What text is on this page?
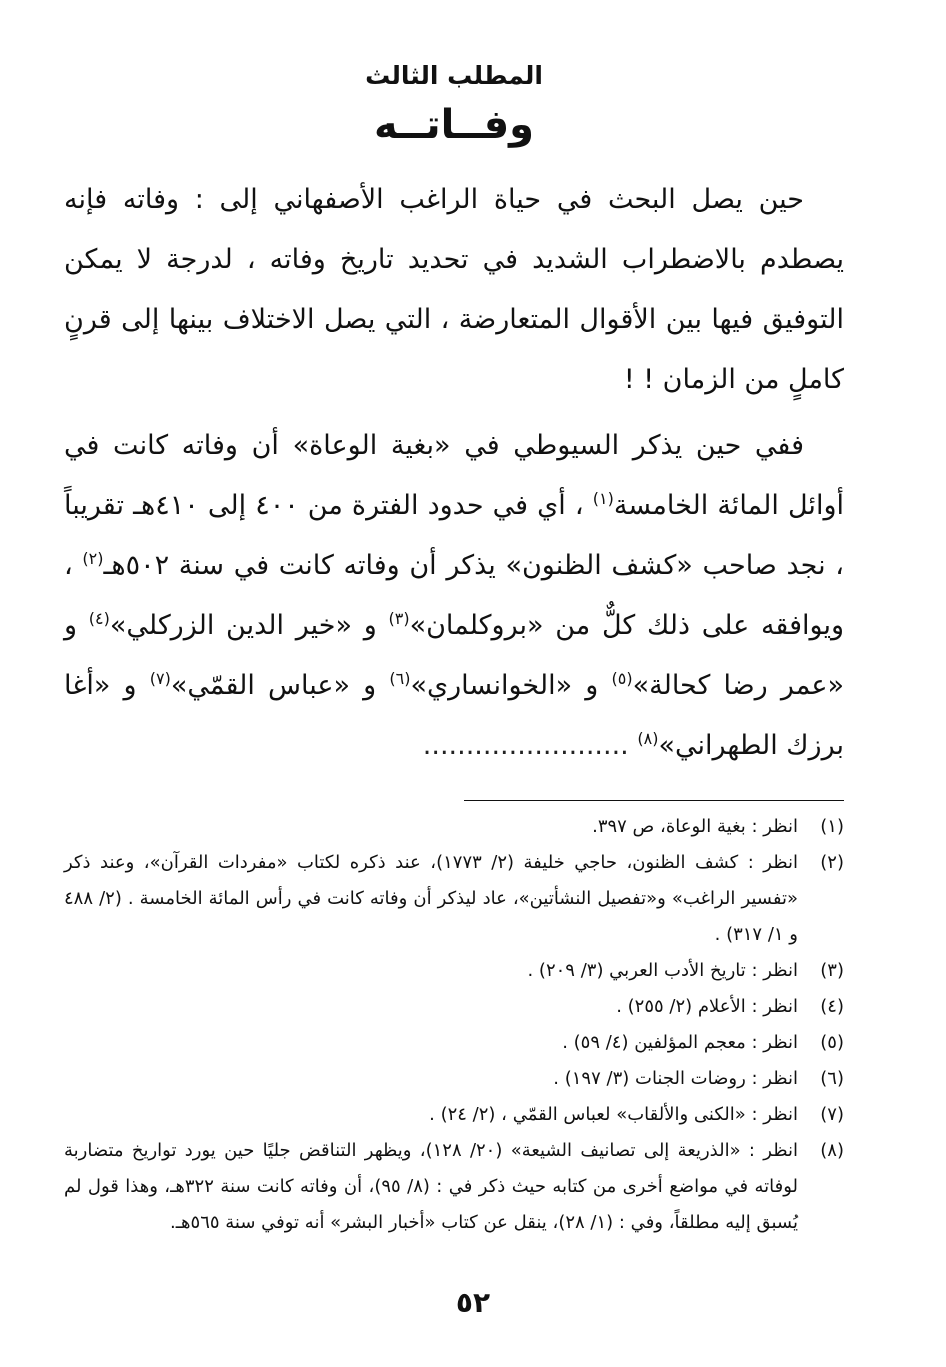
المطلب الثالث
وفــاتــه

حين يصل البحث في حياة الراغب الأصفهاني إلى : وفاته فإنه يصطدم بالاضطراب الشديد في تحديد تاريخ وفاته ، لدرجة لا يمكن التوفيق فيها بين الأقوال المتعارضة ، التي يصل الاختلاف بينها إلى قرنٍ كاملٍ من الزمان ! !

ففي حين يذكر السيوطي في «بغية الوعاة» أن وفاته كانت في أوائل المائة الخامسة$^{(١)}$ ، أي في حدود الفترة من ٤٠٠ إلى ٤١٠هـ تقريباً ، نجد صاحب «كشف الظنون» يذكر أن وفاته كانت في سنة ٥٠٢هـ$^{(٢)}$ ، ويوافقه على ذلك كلٌّ من «بروكلمان»$^{(٣)}$ و «خير الدين الزركلي»$^{(٤)}$ و «عمر رضا كحالة»$^{(٥)}$ و «الخوانساري»$^{(٦)}$ و «عباس القمّي»$^{(٧)}$ و «أغا برزك الطهراني»$^{(٨)}$ ........................

(١)
انظر : بغية الوعاة، ص ٣٩٧.
(٢)
انظر : كشف الظنون، حاجي خليفة (٢/ ١٧٧٣)، عند ذكره لكتاب «مفردات القرآن»، وعند ذكر «تفسير الراغب» و«تفصيل النشأتين»، عاد ليذكر أن وفاته كانت في رأس المائة الخامسة . (٢/ ٤٨٨ و ١/ ٣١٧) .
(٣)
انظر : تاريخ الأدب العربي (٣/ ٢٠٩) .
(٤)
انظر : الأعلام (٢/ ٢٥٥) .
(٥)
انظر : معجم المؤلفين (٤/ ٥٩) .
(٦)
انظر : روضات الجنات (٣/ ١٩٧) .
(٧)
انظر : «الكنى والألقاب» لعباس القمّي ، (٢/ ٢٤) .
(٨)
انظر : «الذريعة إلى تصانيف الشيعة» (٢٠/ ١٢٨)، ويظهر التناقض جليًا حين يورد تواريخ متضاربة لوفاته في مواضع أخرى من كتابه حيث ذكر في : (٨/ ٩٥)، أن وفاته كانت سنة ٣٢٢هـ، وهذا قول لم يُسبق إليه مطلقاً، وفي : (١/ ٢٨)، ينقل عن كتاب «أخبار البشر» أنه توفي سنة ٥٦٥هـ.
٥٢
